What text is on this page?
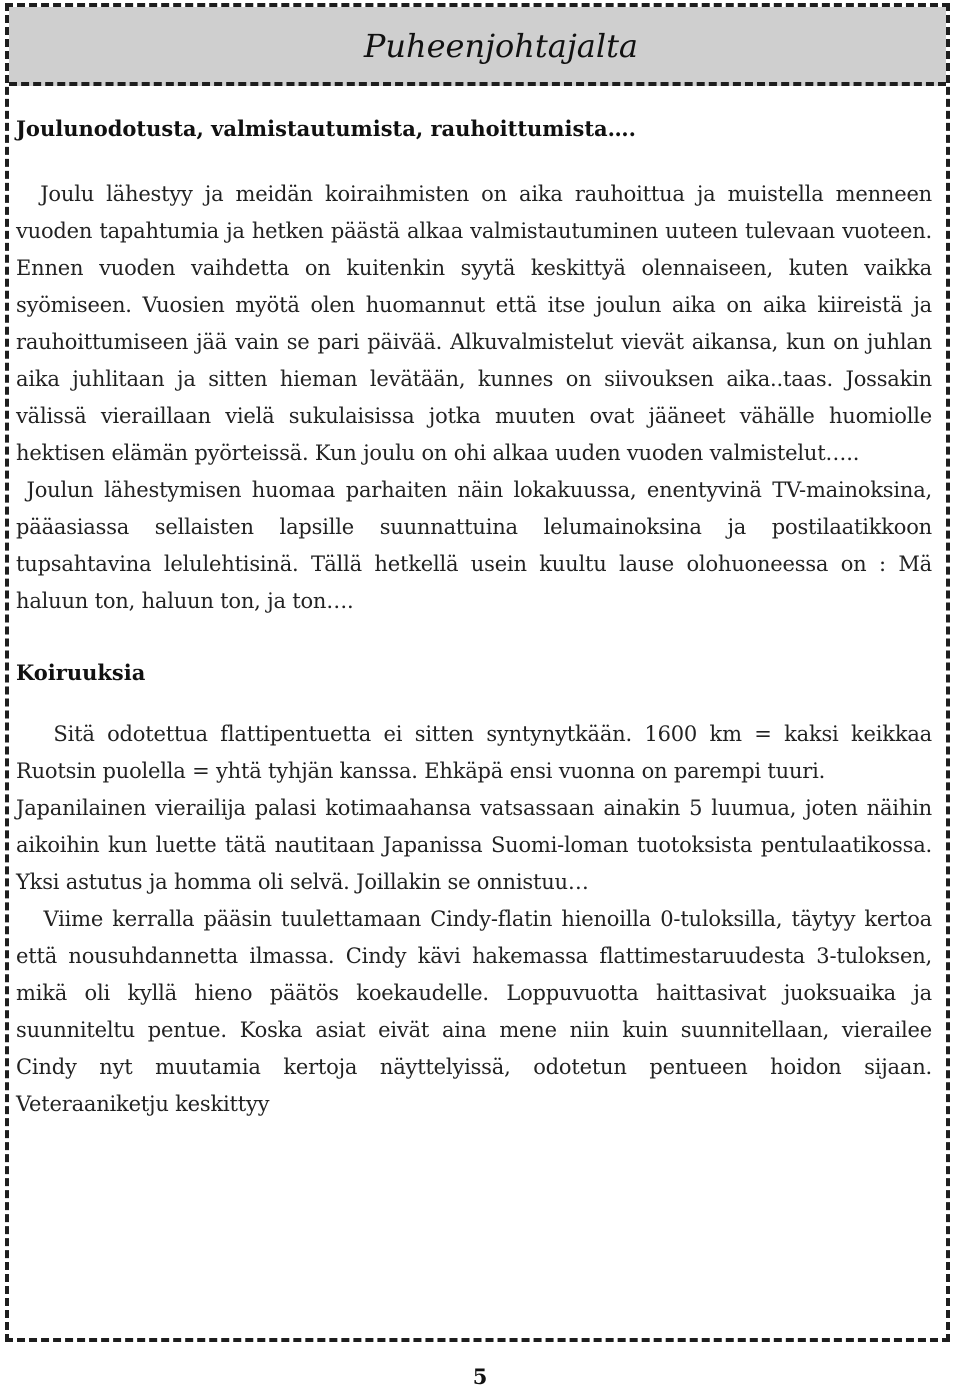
Puheenjohtajalta
Joulunodotusta, valmistautumista, rauhoittumista….

Joulu lähestyy ja meidän koiraihmisten on aika rauhoittua ja muistella menneen vuoden tapahtumia ja hetken päästä alkaa valmistautuminen uuteen tulevaan vuoteen. Ennen vuoden vaihdetta on kuitenkin syytä keskittyä olennaiseen, kuten vaikka syömiseen. Vuosien myötä olen huomannut että itse joulun aika on aika kiireistä ja rauhoittumiseen jää vain se pari päivää. Alkuvalmistelut vievät aikansa, kun on juhlan aika juhlitaan ja sitten hieman levätään, kunnes on siivouksen aika..taas. Jossakin välissä vieraillaan vielä sukulaisissa jotka muuten ovat jääneet vähälle huomiolle hektisen elämän pyörteissä. Kun joulu on ohi alkaa uuden vuoden valmistelut…..

Joulun lähestymisen huomaa parhaiten näin lokakuussa, enentyvinä TV-mainoksina, pääasiassa sellaisten lapsille suunnattuina lelumainoksina ja postilaatikkoon tupsahtavina lelulehtisinä. Tällä hetkellä usein kuultu lause olohuoneessa on : Mä haluun ton, haluun ton, ja ton….

Koiruuksia

Sitä odotettua flattipentuetta ei sitten syntynytkään. 1600 km = kaksi keikkaa Ruotsin puolella = yhtä tyhjän kanssa. Ehkäpä ensi vuonna on parempi tuuri.

Japanilainen vierailija palasi kotimaahansa vatsassaan ainakin 5 luumua, joten näihin aikoihin kun luette tätä nautitaan Japanissa Suomi-loman tuotoksista pentulaatikossa. Yksi astutus ja homma oli selvä. Joillakin se onnistuu…

Viime kerralla pääsin tuulettamaan Cindy-flatin hienoilla 0-tuloksilla, täytyy kertoa että nousuhdannetta ilmassa. Cindy kävi hakemassa flattimestaruudesta 3-tuloksen, mikä oli kyllä hieno päätös koekaudelle. Loppuvuotta haittasivat juoksuaika ja suunniteltu pentue. Koska asiat eivät aina mene niin kuin suunnitellaan, vierailee Cindy nyt muutamia kertoja näyttelyissä, odotetun pentueen hoidon sijaan. Veteraaniketju keskittyy

5
